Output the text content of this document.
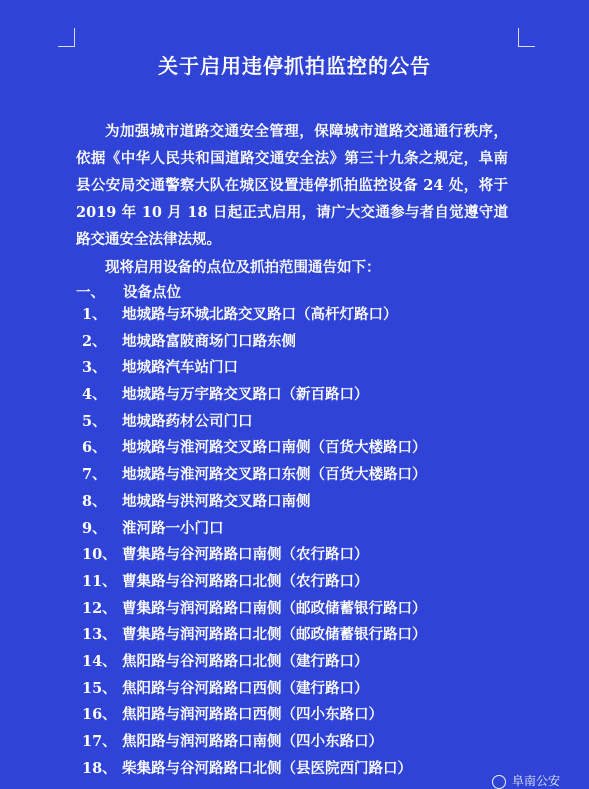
关于启用违停抓拍监控的公告
为加强城市道路交通安全管理，保障城市道路交通通行秩序，依据《中华人民共和国道路交通安全法》第三十九条之规定，阜南县公安局交通警察大队在城区设置违停抓拍监控设备 24 处，将于 2019 年 10 月 18 日起正式启用，请广大交通参与者自觉遵守道路交通安全法律法规。
现将启用设备的点位及抓拍范围通告如下：
一、 设备点位
1、 地城路与环城北路交叉路口（高杆灯路口）
2、 地城路富陂商场门口路东侧
3、 地城路汽车站门口
4、 地城路与万宇路交叉路口（新百路口）
5、 地城路药材公司门口
6、 地城路与淮河路交叉路口南侧（百货大楼路口）
7、 地城路与淮河路交叉路口东侧（百货大楼路口）
8、 地城路与洪河路交叉路口南侧
9、 淮河路一小门口
10、 曹集路与谷河路路口南侧（农行路口）
11、 曹集路与谷河路路口北侧（农行路口）
12、 曹集路与润河路路口南侧（邮政储蓄银行路口）
13、 曹集路与润河路路口北侧（邮政储蓄银行路口）
14、 焦阳路与谷河路路口北侧（建行路口）
15、 焦阳路与谷河路路口西侧（建行路口）
16、 焦阳路与润河路路口西侧（四小东路口）
17、 焦阳路与润河路路口南侧（四小东路口）
18、 柴集路与谷河路路口北侧（县医院西门路口）
阜南公安
